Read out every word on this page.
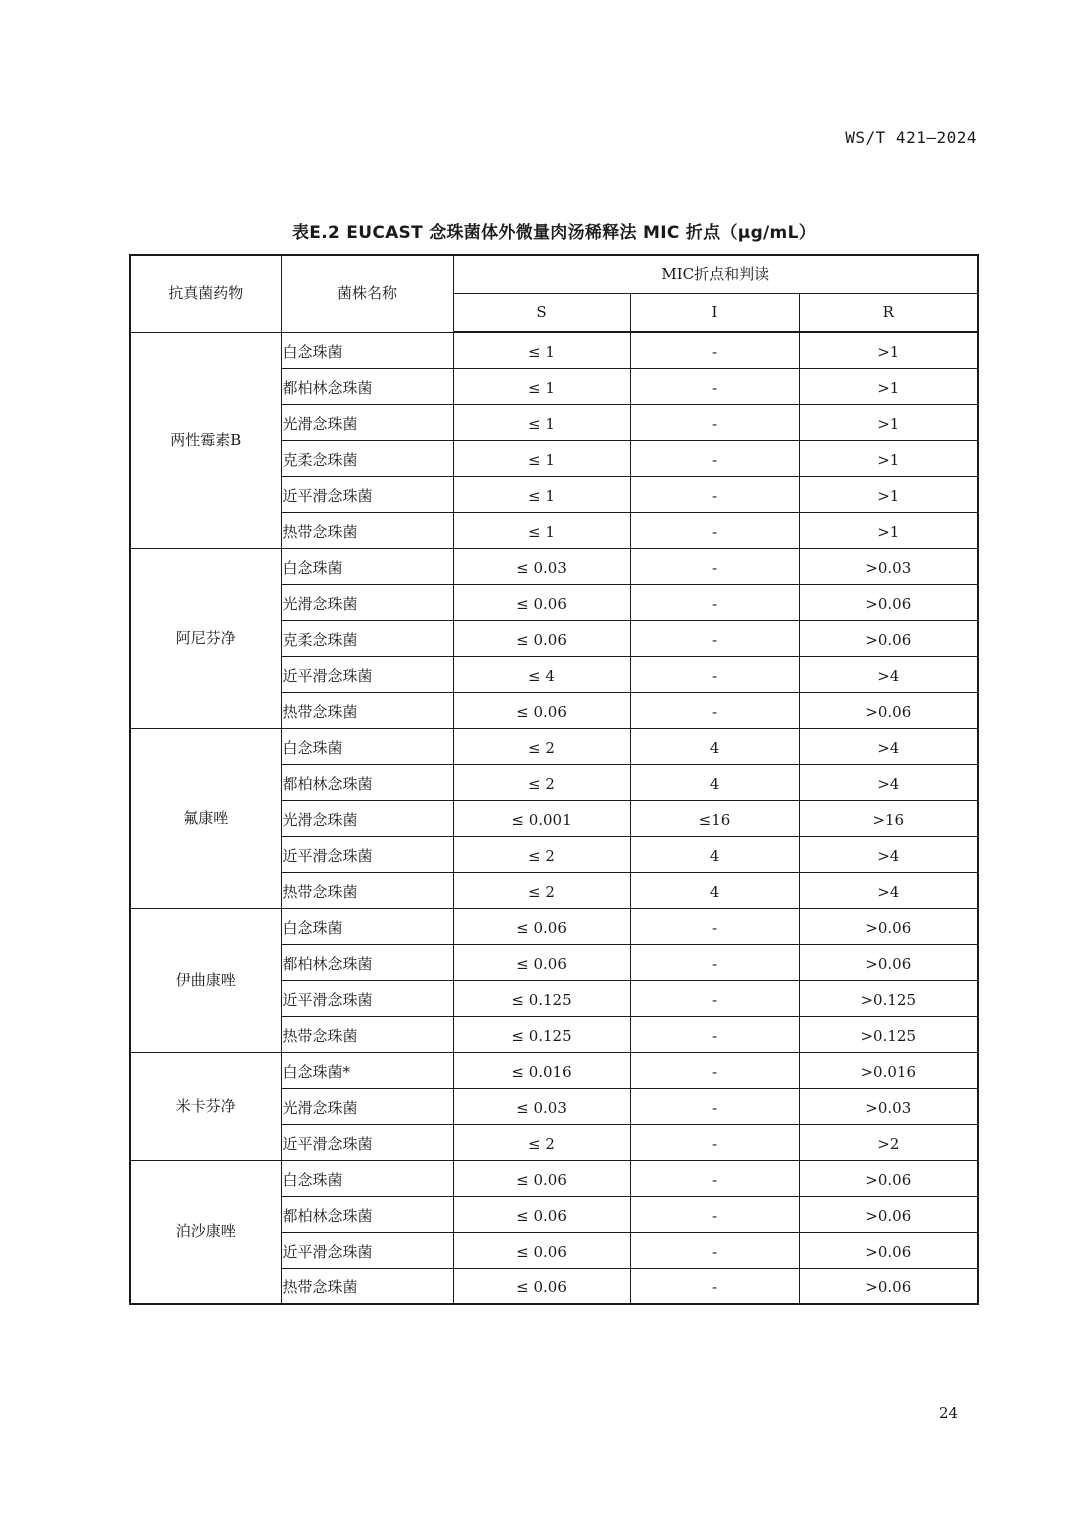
WS/T 421—2024
表E.2 EUCAST 念珠菌体外微量肉汤稀释法 MIC 折点（μg/mL）
抗真菌药物	菌株名称	MIC折点和判读		
		S	I	R
两性霉素B	白念珠菌	≤ 1	-	>1
	都柏林念珠菌	≤ 1	-	>1
	光滑念珠菌	≤ 1	-	>1
	克柔念珠菌	≤ 1	-	>1
	近平滑念珠菌	≤ 1	-	>1
	热带念珠菌	≤ 1	-	>1
阿尼芬净	白念珠菌	≤ 0.03	-	>0.03
	光滑念珠菌	≤ 0.06	-	>0.06
	克柔念珠菌	≤ 0.06	-	>0.06
	近平滑念珠菌	≤ 4	-	>4
	热带念珠菌	≤ 0.06	-	>0.06
氟康唑	白念珠菌	≤ 2	4	>4
	都柏林念珠菌	≤ 2	4	>4
	光滑念珠菌	≤ 0.001	≤16	>16
	近平滑念珠菌	≤ 2	4	>4
	热带念珠菌	≤ 2	4	>4
伊曲康唑	白念珠菌	≤ 0.06	-	>0.06
	都柏林念珠菌	≤ 0.06	-	>0.06
	近平滑念珠菌	≤ 0.125	-	>0.125
	热带念珠菌	≤ 0.125	-	>0.125
米卡芬净	白念珠菌*	≤ 0.016	-	>0.016
	光滑念珠菌	≤ 0.03	-	>0.03
	近平滑念珠菌	≤ 2	-	>2
泊沙康唑	白念珠菌	≤ 0.06	-	>0.06
	都柏林念珠菌	≤ 0.06	-	>0.06
	近平滑念珠菌	≤ 0.06	-	>0.06
	热带念珠菌	≤ 0.06	-	>0.06
24
